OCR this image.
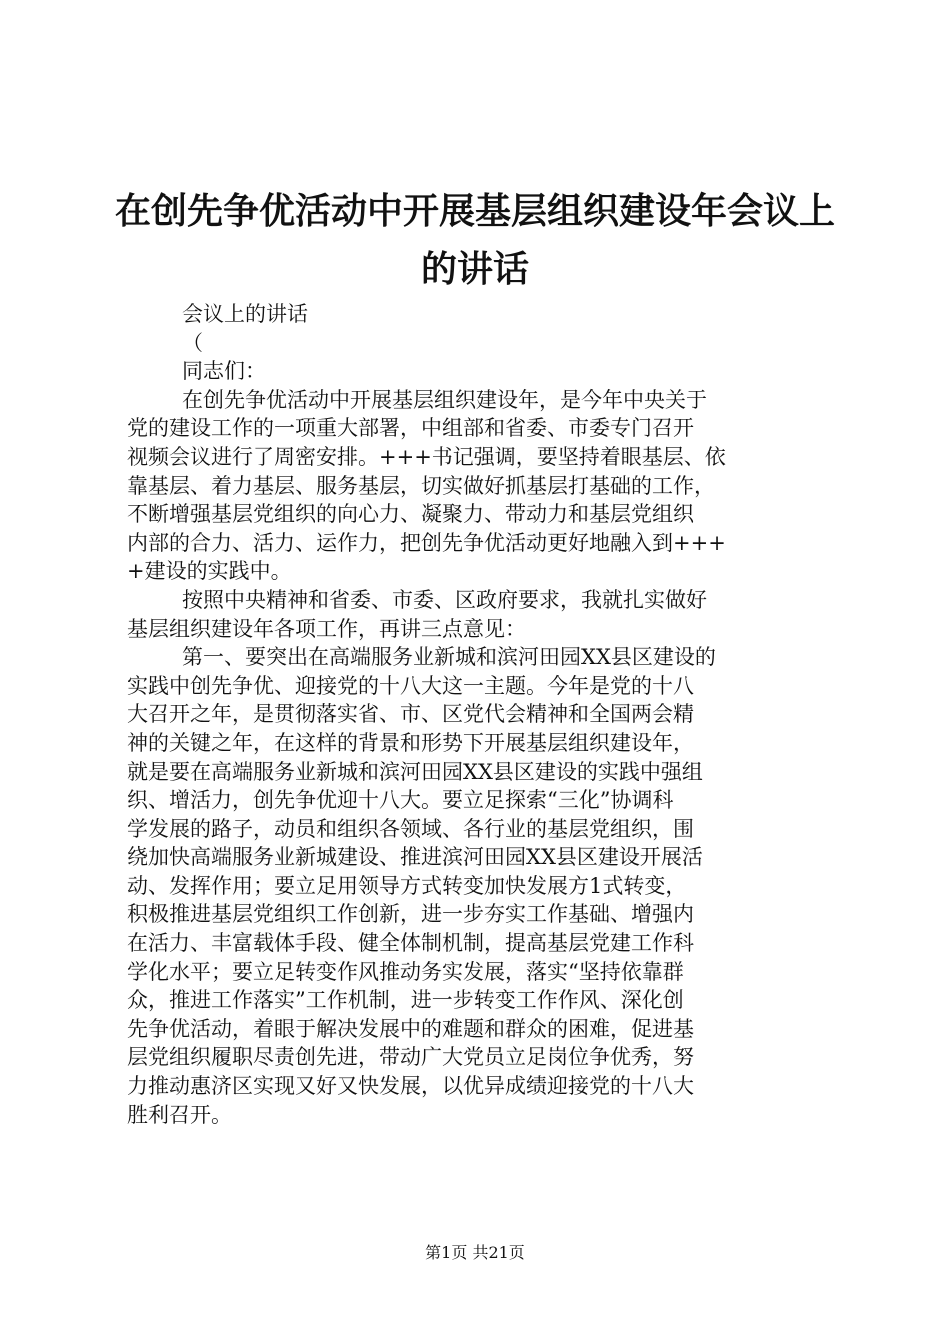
在创先争优活动中开展基层组织建设年会议上
的讲话
会议上的讲话
（
同志们：
在创先争优活动中开展基层组织建设年，是今年中央关于
党的建设工作的一项重大部署，中组部和省委、市委专门召开
视频会议进行了周密安排。+++书记强调，要坚持着眼基层、依
靠基层、着力基层、服务基层，切实做好抓基层打基础的工作，
不断增强基层党组织的向心力、凝聚力、带动力和基层党组织
内部的合力、活力、运作力，把创先争优活动更好地融入到+++
+建设的实践中。
按照中央精神和省委、市委、区政府要求，我就扎实做好
基层组织建设年各项工作，再讲三点意见：
第一、要突出在高端服务业新城和滨河田园XX县区建设的
实践中创先争优、迎接党的十八大这一主题。今年是党的十八
大召开之年，是贯彻落实省、市、区党代会精神和全国两会精
神的关键之年，在这样的背景和形势下开展基层组织建设年，
就是要在高端服务业新城和滨河田园XX县区建设的实践中强组
织、增活力，创先争优迎十八大。要立足探索“三化”协调科
学发展的路子，动员和组织各领域、各行业的基层党组织，围
绕加快高端服务业新城建设、推进滨河田园XX县区建设开展活
动、发挥作用；要立足用领导方式转变加快发展方1式转变，
积极推进基层党组织工作创新，进一步夯实工作基础、增强内
在活力、丰富载体手段、健全体制机制，提高基层党建工作科
学化水平；要立足转变作风推动务实发展，落实“坚持依靠群
众，推进工作落实”工作机制，进一步转变工作作风、深化创
先争优活动，着眼于解决发展中的难题和群众的困难，促进基
层党组织履职尽责创先进，带动广大党员立足岗位争优秀，努
力推动惠济区实现又好又快发展，以优异成绩迎接党的十八大
胜利召开。
第1页 共21页
